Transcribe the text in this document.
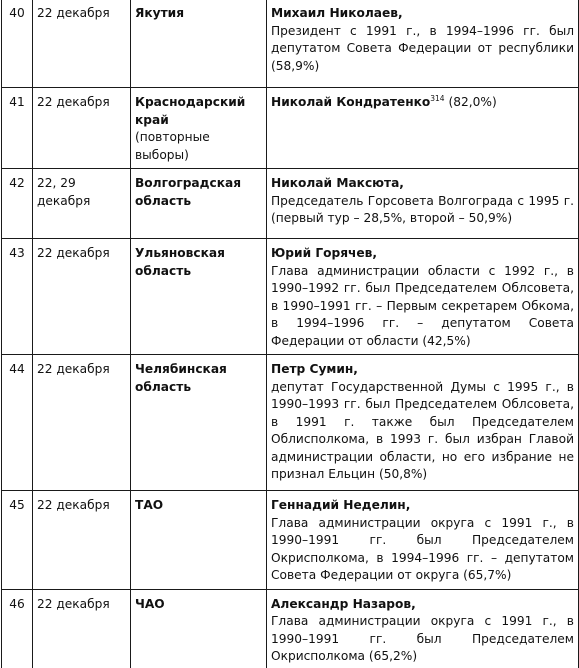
40	22 декабря	Якутия	Михаил Николаев,
Президент с 1991 г., в 1994–1996 гг. был депутатом Совета Федерации от республики (58,9%)

41	22 декабря	Краснодарский край
(повторные выборы)	Николай Кондратенко$^{314}$ (82,0%)
42	22, 29 декабря	Волгоградская область	Николай Максюта,
Председатель Горсовета Волгограда с 1995 г. (первый тур – 28,5%, второй – 50,9%)

43	22 декабря	Ульяновская область	Юрий Горячев,
Глава администрации области с 1992 г., в 1990–1992 гг. был Председателем Облсовета, в 1990–1991 гг. – Первым секретарем Обкома, в 1994–1996 гг. – депутатом Совета Федерации от области (42,5%)

44	22 декабря	Челябинская область	Петр Сумин,
депутат Государственной Думы с 1995 г., в 1990–1993 гг. был Председателем Облсовета, в 1991 г. также был Председателем Облисполкома, в 1993 г. был избран Главой администрации области, но его избрание не признал Ельцин (50,8%)

45	22 декабря	ТАО	Геннадий Неделин,
Глава администрации округа с 1991 г., в 1990–1991 гг. был Председателем Окрисполкома, в 1994–1996 гг. – депутатом Совета Федерации от округа (65,7%)

46	22 декабря	ЧАО	Александр Назаров,
Глава администрации округа с 1991 г., в 1990–1991 гг. был Председателем Окрисполкома (65,2%)
